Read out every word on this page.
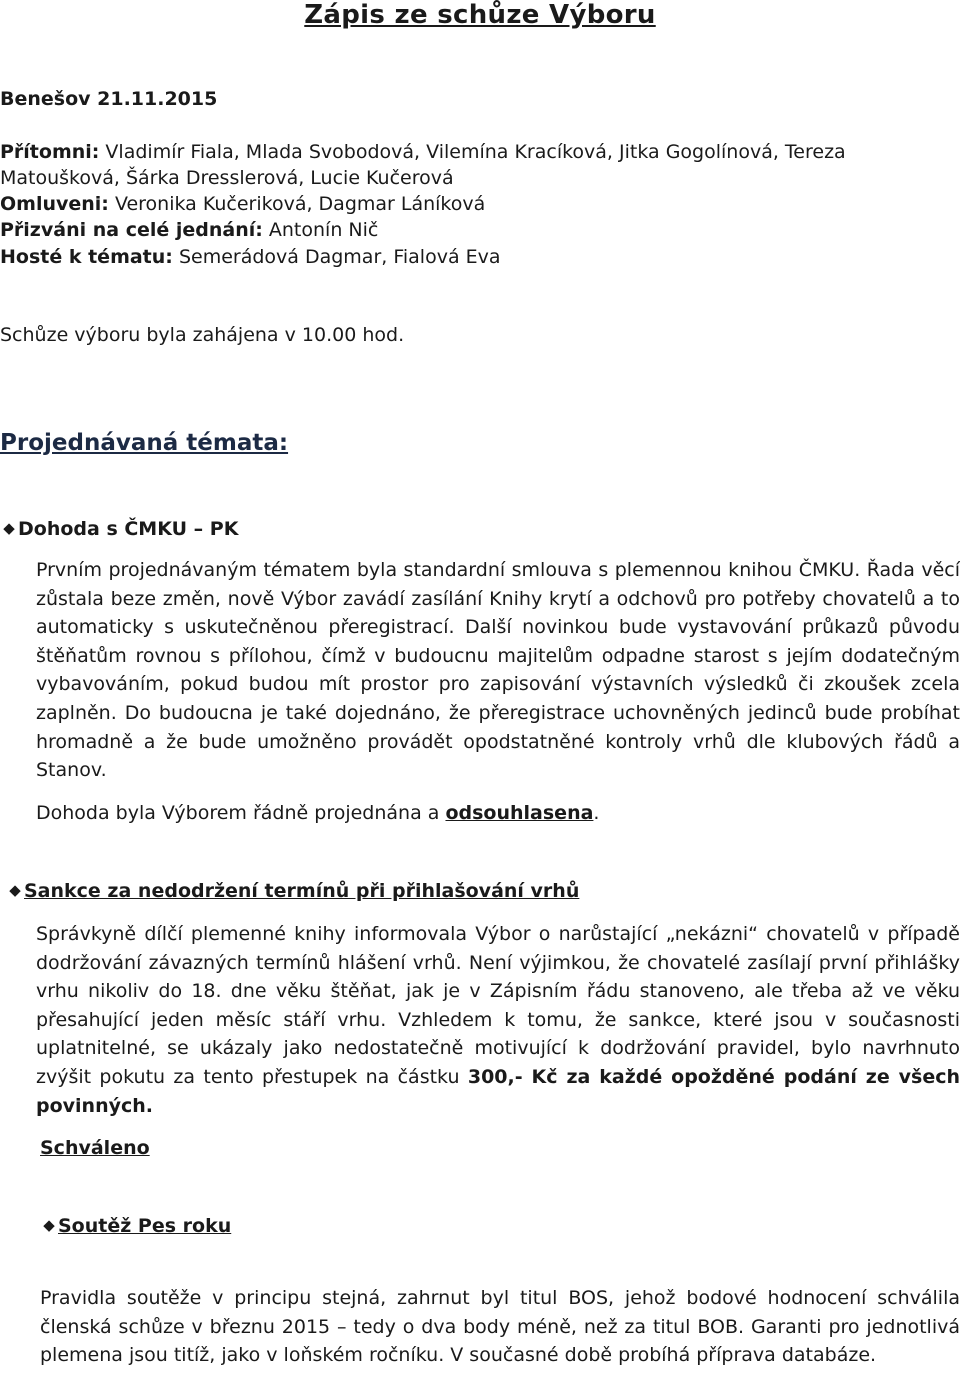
Zápis ze schůze Výboru
Benešov 21.11.2015
Přítomni: Vladimír Fiala, Mlada Svobodová, Vilemína Kracíková, Jitka Gogolínová, Tereza
Matoušková, Šárka Dresslerová, Lucie Kučerová
Omluveni: Veronika Kučeriková, Dagmar Láníková
Přizváni na celé jednání: Antonín Nič
Hosté k tématu: Semerádová Dagmar, Fialová Eva
Schůze výboru byla zahájena v 10.00 hod.
Projednávaná témata:
◆ Dohoda s ČMKU – PK
Prvním projednávaným tématem byla standardní smlouva s plemennou knihou ČMKU. Řada věcí zůstala beze změn, nově Výbor zavádí zasílání Knihy krytí a odchovů pro potřeby chovatelů a to automaticky s uskutečněnou přeregistrací. Další novinkou bude vystavování průkazů původu štěňatům rovnou s přílohou, čímž v budoucnu majitelům odpadne starost s jejím dodatečným vybavováním, pokud budou mít prostor pro zapisování výstavních výsledků či zkoušek zcela zaplněn. Do budoucna je také dojednáno, že přeregistrace uchovněných jedinců bude probíhat hromadně a že bude umožněno provádět opodstatněné kontroly vrhů dle klubových řádů a Stanov.
Dohoda byla Výborem řádně projednána a odsouhlasena.
◆ Sankce za nedodržení termínů při přihlašování vrhů
Správkyně dílčí plemenné knihy informovala Výbor o narůstající „nekázni“ chovatelů v případě dodržování závazných termínů hlášení vrhů. Není výjimkou, že chovatelé zasílají první přihlášky vrhu nikoliv do 18. dne věku štěňat, jak je v Zápisním řádu stanoveno, ale třeba až ve věku přesahující jeden měsíc stáří vrhu. Vzhledem k tomu, že sankce, které jsou v současnosti uplatnitelné, se ukázaly jako nedostatečně motivující k dodržování pravidel, bylo navrhnuto zvýšit pokutu za tento přestupek na částku 300,- Kč za každé opožděné podání ze všech povinných.
Schváleno
◆ Soutěž Pes roku
Pravidla soutěže v principu stejná, zahrnut byl titul BOS, jehož bodové hodnocení schválila členská schůze v březnu 2015 – tedy o dva body méně, než za titul BOB. Garanti pro jednotlivá plemena jsou titíž, jako v loňském ročníku. V současné době probíhá příprava databáze.
